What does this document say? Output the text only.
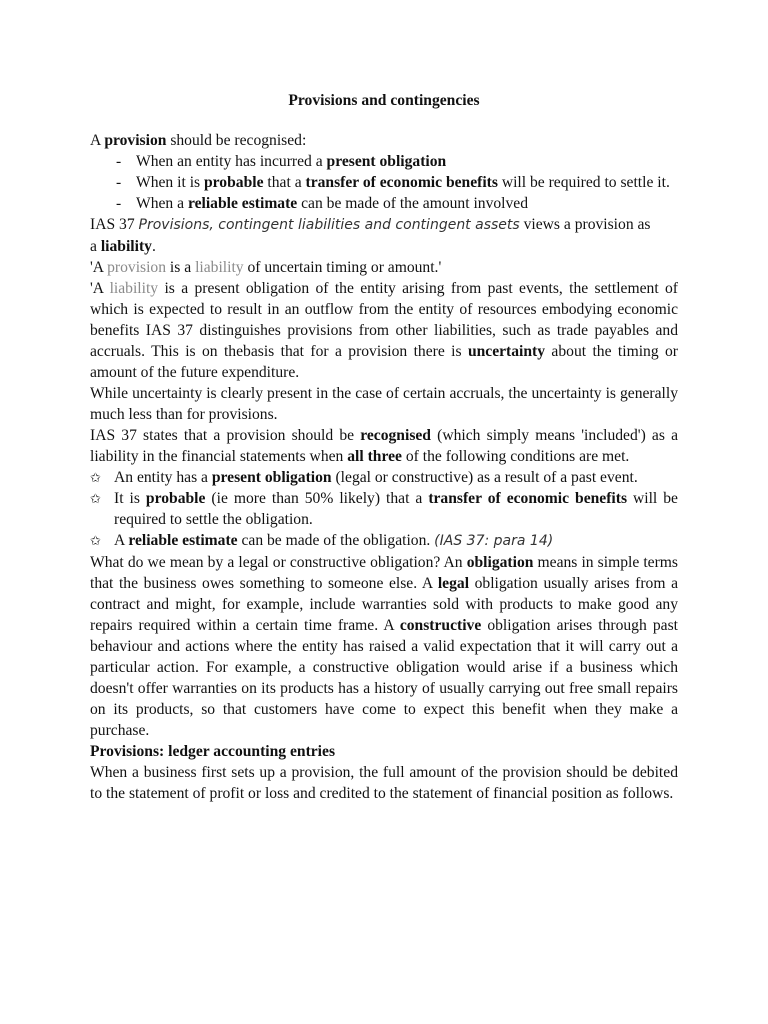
Provisions and contingencies

A provision should be recognised:

- When an entity has incurred a present obligation
- When it is probable that a transfer of economic benefits will be required to settle it.
- When a reliable estimate can be made of the amount involved

IAS 37 Provisions, contingent liabilities and contingent assets views a provision as
a liability.

'A provision is a liability of uncertain timing or amount.'

'A liability is a present obligation of the entity arising from past events, the settlement of which is expected to result in an outflow from the entity of resources embodying economic benefits IAS 37 distinguishes provisions from other liabilities, such as trade payables and accruals. This is on thebasis that for a provision there is uncertainty about the timing or amount of the future expenditure.

While uncertainty is clearly present in the case of certain accruals, the uncertainty is generally much less than for provisions.

IAS 37 states that a provision should be recognised (which simply means 'included') as a liability in the financial statements when all three of the following conditions are met.

✩ An entity has a present obligation (legal or constructive) as a result of a past event.

✩ It is probable (ie more than 50% likely) that a transfer of economic benefits will be required to settle the obligation.

✩ A reliable estimate can be made of the obligation. (IAS 37: para 14)

What do we mean by a legal or constructive obligation? An obligation means in simple terms that the business owes something to someone else. A legal obligation usually arises from a contract and might, for example, include warranties sold with products to make good any repairs required within a certain time frame. A constructive obligation arises through past behaviour and actions where the entity has raised a valid expectation that it will carry out a particular action. For example, a constructive obligation would arise if a business which doesn't offer warranties on its products has a history of usually carrying out free small repairs on its products, so that customers have come to expect this benefit when they make a purchase.

Provisions: ledger accounting entries

When a business first sets up a provision, the full amount of the provision should be debited to the statement of profit or loss and credited to the statement of financial position as follows.
